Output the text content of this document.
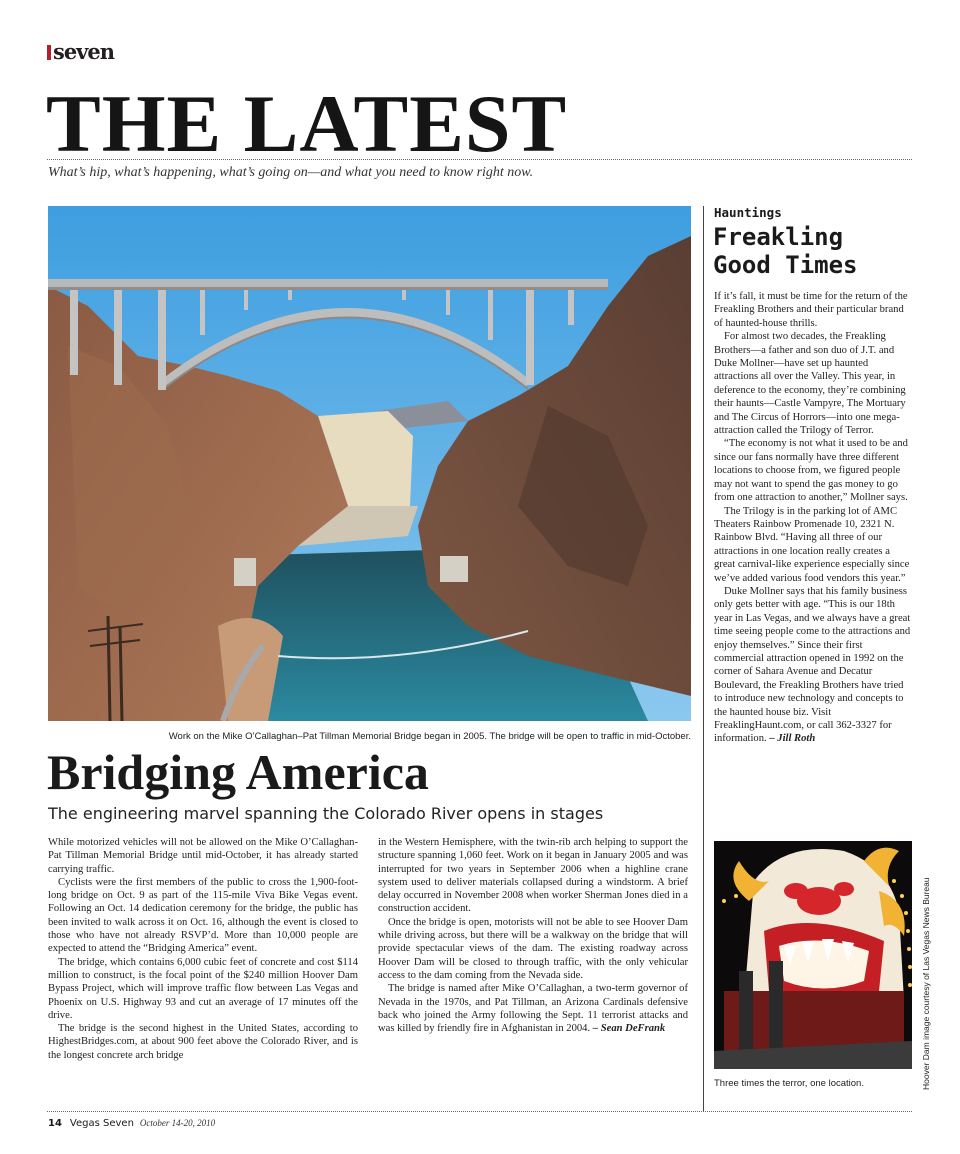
seven
THE LATEST
What’s hip, what’s happening, what’s going on—and what you need to know right now.
Work on the Mike O’Callaghan–Pat Tillman Memorial Bridge began in 2005. The bridge will be open to traffic in mid-October.
Bridging America
The engineering marvel spanning the Colorado River opens in stages

While motorized vehicles will not be allowed on the Mike O’Callaghan-Pat Tillman Memorial Bridge until mid-October, it has already started carrying traffic.

Cyclists were the first members of the public to cross the 1,900-foot-long bridge on Oct. 9 as part of the 115-mile Viva Bike Vegas event. Following an Oct. 14 dedication ceremony for the bridge, the public has been invited to walk across it on Oct. 16, although the event is closed to those who have not already RSVP’d. More than 10,000 people are expected to attend the “Bridging America” event.

The bridge, which contains 6,000 cubic feet of concrete and cost $114 million to construct, is the focal point of the $240 million Hoover Dam Bypass Project, which will improve traffic flow between Las Vegas and Phoenix on U.S. Highway 93 and cut an average of 17 minutes off the drive.

The bridge is the second highest in the United States, according to HighestBridges.com, at about 900 feet above the Colorado River, and is the longest concrete arch bridge

in the Western Hemisphere, with the twin-rib arch helping to support the structure spanning 1,060 feet. Work on it began in January 2005 and was interrupted for two years in September 2006 when a highline crane system used to deliver materials collapsed during a windstorm. A brief delay occurred in November 2008 when worker Sherman Jones died in a construction accident.

Once the bridge is open, motorists will not be able to see Hoover Dam while driving across, but there will be a walkway on the bridge that will provide spectacular views of the dam. The existing roadway across Hoover Dam will be closed to through traffic, with the only vehicular access to the dam coming from the Nevada side.

The bridge is named after Mike O’Callaghan, a two-term governor of Nevada in the 1970s, and Pat Tillman, an Arizona Cardinals defensive back who joined the Army following the Sept. 11 terrorist attacks and was killed by friendly fire in Afghanistan in 2004. – Sean DeFrank

Hauntings
Freakling
Good Times

If it’s fall, it must be time for the return of the Freakling Brothers and their particular brand of haunted-house thrills.

For almost two decades, the Freakling Brothers—a father and son duo of J.T. and Duke Mollner—have set up haunted attractions all over the Valley. This year, in deference to the economy, they’re combining their haunts—Castle Vampyre, The Mortuary and The Circus of Horrors—into one mega-attraction called the Trilogy of Terror.

“The economy is not what it used to be and since our fans normally have three different locations to choose from, we figured people may not want to spend the gas money to go from one attraction to another,” Mollner says.

The Trilogy is in the parking lot of AMC Theaters Rainbow Promenade 10, 2321 N. Rainbow Blvd. “Having all three of our attractions in one location really creates a great carnival-like experience especially since we’ve added various food vendors this year.”

Duke Mollner says that his family business only gets better with age. “This is our 18th year in Las Vegas, and we always have a great time seeing people come to the attractions and enjoy themselves.” Since their first commercial attraction opened in 1992 on the corner of Sahara Avenue and Decatur Boulevard, the Freakling Brothers have tried to introduce new technology and concepts to the haunted house biz. Visit FreaklingHaunt.com, or call 362-3327 for information. – Jill Roth

Three times the terror, one location.	Hoover Dam image courtesy of Las Vegas News Bureau
14 Vegas Seven October 14-20, 2010
